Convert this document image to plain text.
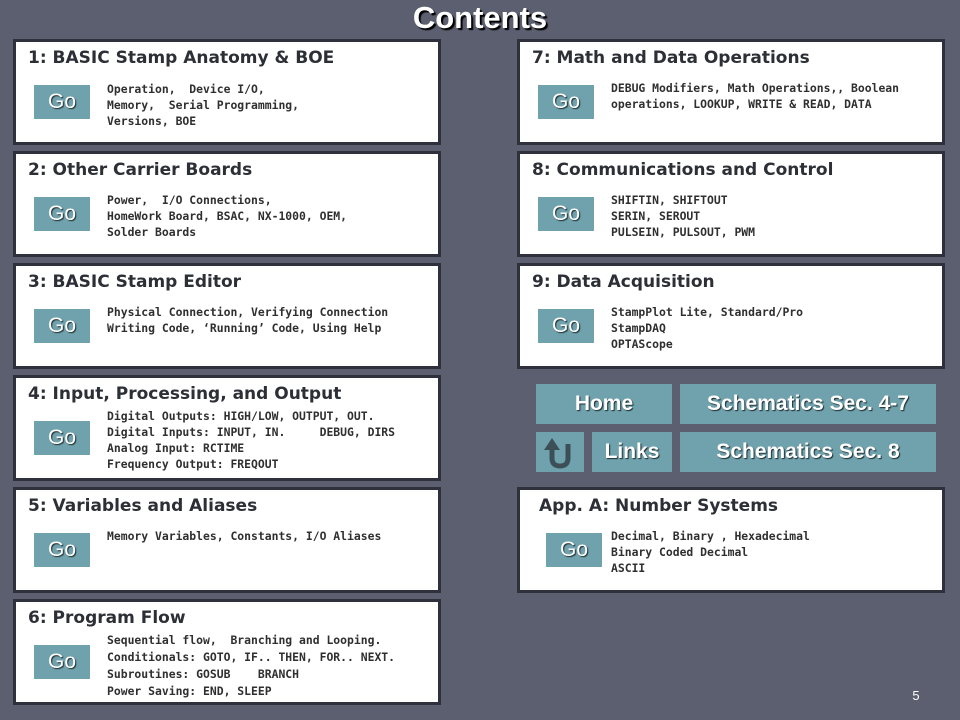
Contents
1: BASIC Stamp Anatomy & BOE
Go
Operation,  Device I/O,
Memory,  Serial Programming,
Versions, BOE
2: Other Carrier Boards
Go
Power,  I/O Connections,
HomeWork Board, BSAC, NX-1000, OEM,
Solder Boards
3: BASIC Stamp Editor
Go
Physical Connection, Verifying Connection
Writing Code, ‘Running’ Code, Using Help
4: Input, Processing, and Output
Go
Digital Outputs: HIGH/LOW, OUTPUT, OUT.
Digital Inputs: INPUT, IN.     DEBUG, DIRS
Analog Input: RCTIME
Frequency Output: FREQOUT
5: Variables and Aliases
Go
Memory Variables, Constants, I/O Aliases
6: Program Flow
Go
Sequential flow,  Branching and Looping.
Conditionals: GOTO, IF.. THEN, FOR.. NEXT.
Subroutines: GOSUB    BRANCH
Power Saving: END, SLEEP
7: Math and Data Operations
Go
DEBUG Modifiers, Math Operations,, Boolean
operations, LOOKUP, WRITE & READ, DATA
8: Communications and Control
Go
SHIFTIN, SHIFTOUT
SERIN, SEROUT
PULSEIN, PULSOUT, PWM
9: Data Acquisition
Go
StampPlot Lite, Standard/Pro
StampDAQ
OPTAScope
Home	Schematics Sec. 4-7
Links	Schematics Sec. 8
App. A: Number Systems
Go
Decimal, Binary , Hexadecimal
Binary Coded Decimal
ASCII
5
